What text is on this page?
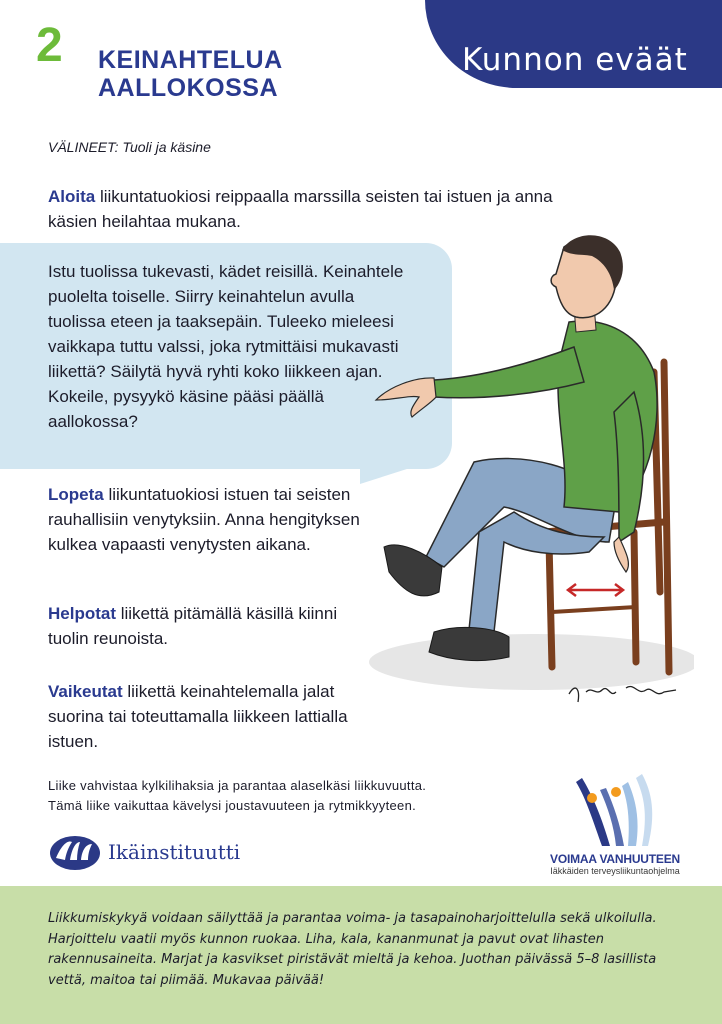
2 KEINAHTELUA
AALLOKOSSA
Kunnon eväät
VÄLINEET: Tuoli ja käsine
Aloita liikuntatuokiosi reippaalla marssilla seisten tai istuen ja anna käsien heilahtaa mukana.
Istu tuolissa tukevasti, kädet reisillä. Keinahtele puolelta toiselle. Siirry keinahtelun avulla tuolissa eteen ja taaksepäin. Tuleeko mieleesi vaikkapa tuttu valssi, joka rytmittäisi mukavasti liikettä? Säilytä hyvä ryhti koko liikkeen ajan. Kokeile, pysyykö käsine pääsi päällä aallokossa?
Lopeta liikuntatuokiosi istuen tai seisten rauhallisiin venytyksiin. Anna hengityksen kulkea vapaasti venytysten aikana.
Helpotat liikettä pitämällä käsillä kiinni tuolin reunoista.
Vaikeutat liikettä keinahtelemalla jalat suorina tai toteuttamalla liikkeen lattialla istuen.
Liike vahvistaa kylkilihaksia ja parantaa alaselkäsi liikkuvuutta.
Tämä liike vaikuttaa kävelysi joustavuuteen ja rytmikkyyteen.
Ikäinstituutti	VOIMAA VANHUUTEEN
Iäkkäiden terveysliikuntaohjelma
Liikkumiskykyä voidaan säilyttää ja parantaa voima- ja tasapainoharjoittelulla sekä ulkoilulla. Harjoittelu vaatii myös kunnon ruokaa. Liha, kala, kananmunat ja pavut ovat lihasten rakennusaineita. Marjat ja kasvikset piristävät mieltä ja kehoa. Juothan päivässä 5–8 lasillista vettä, maitoa tai piimää. Mukavaa päivää!
